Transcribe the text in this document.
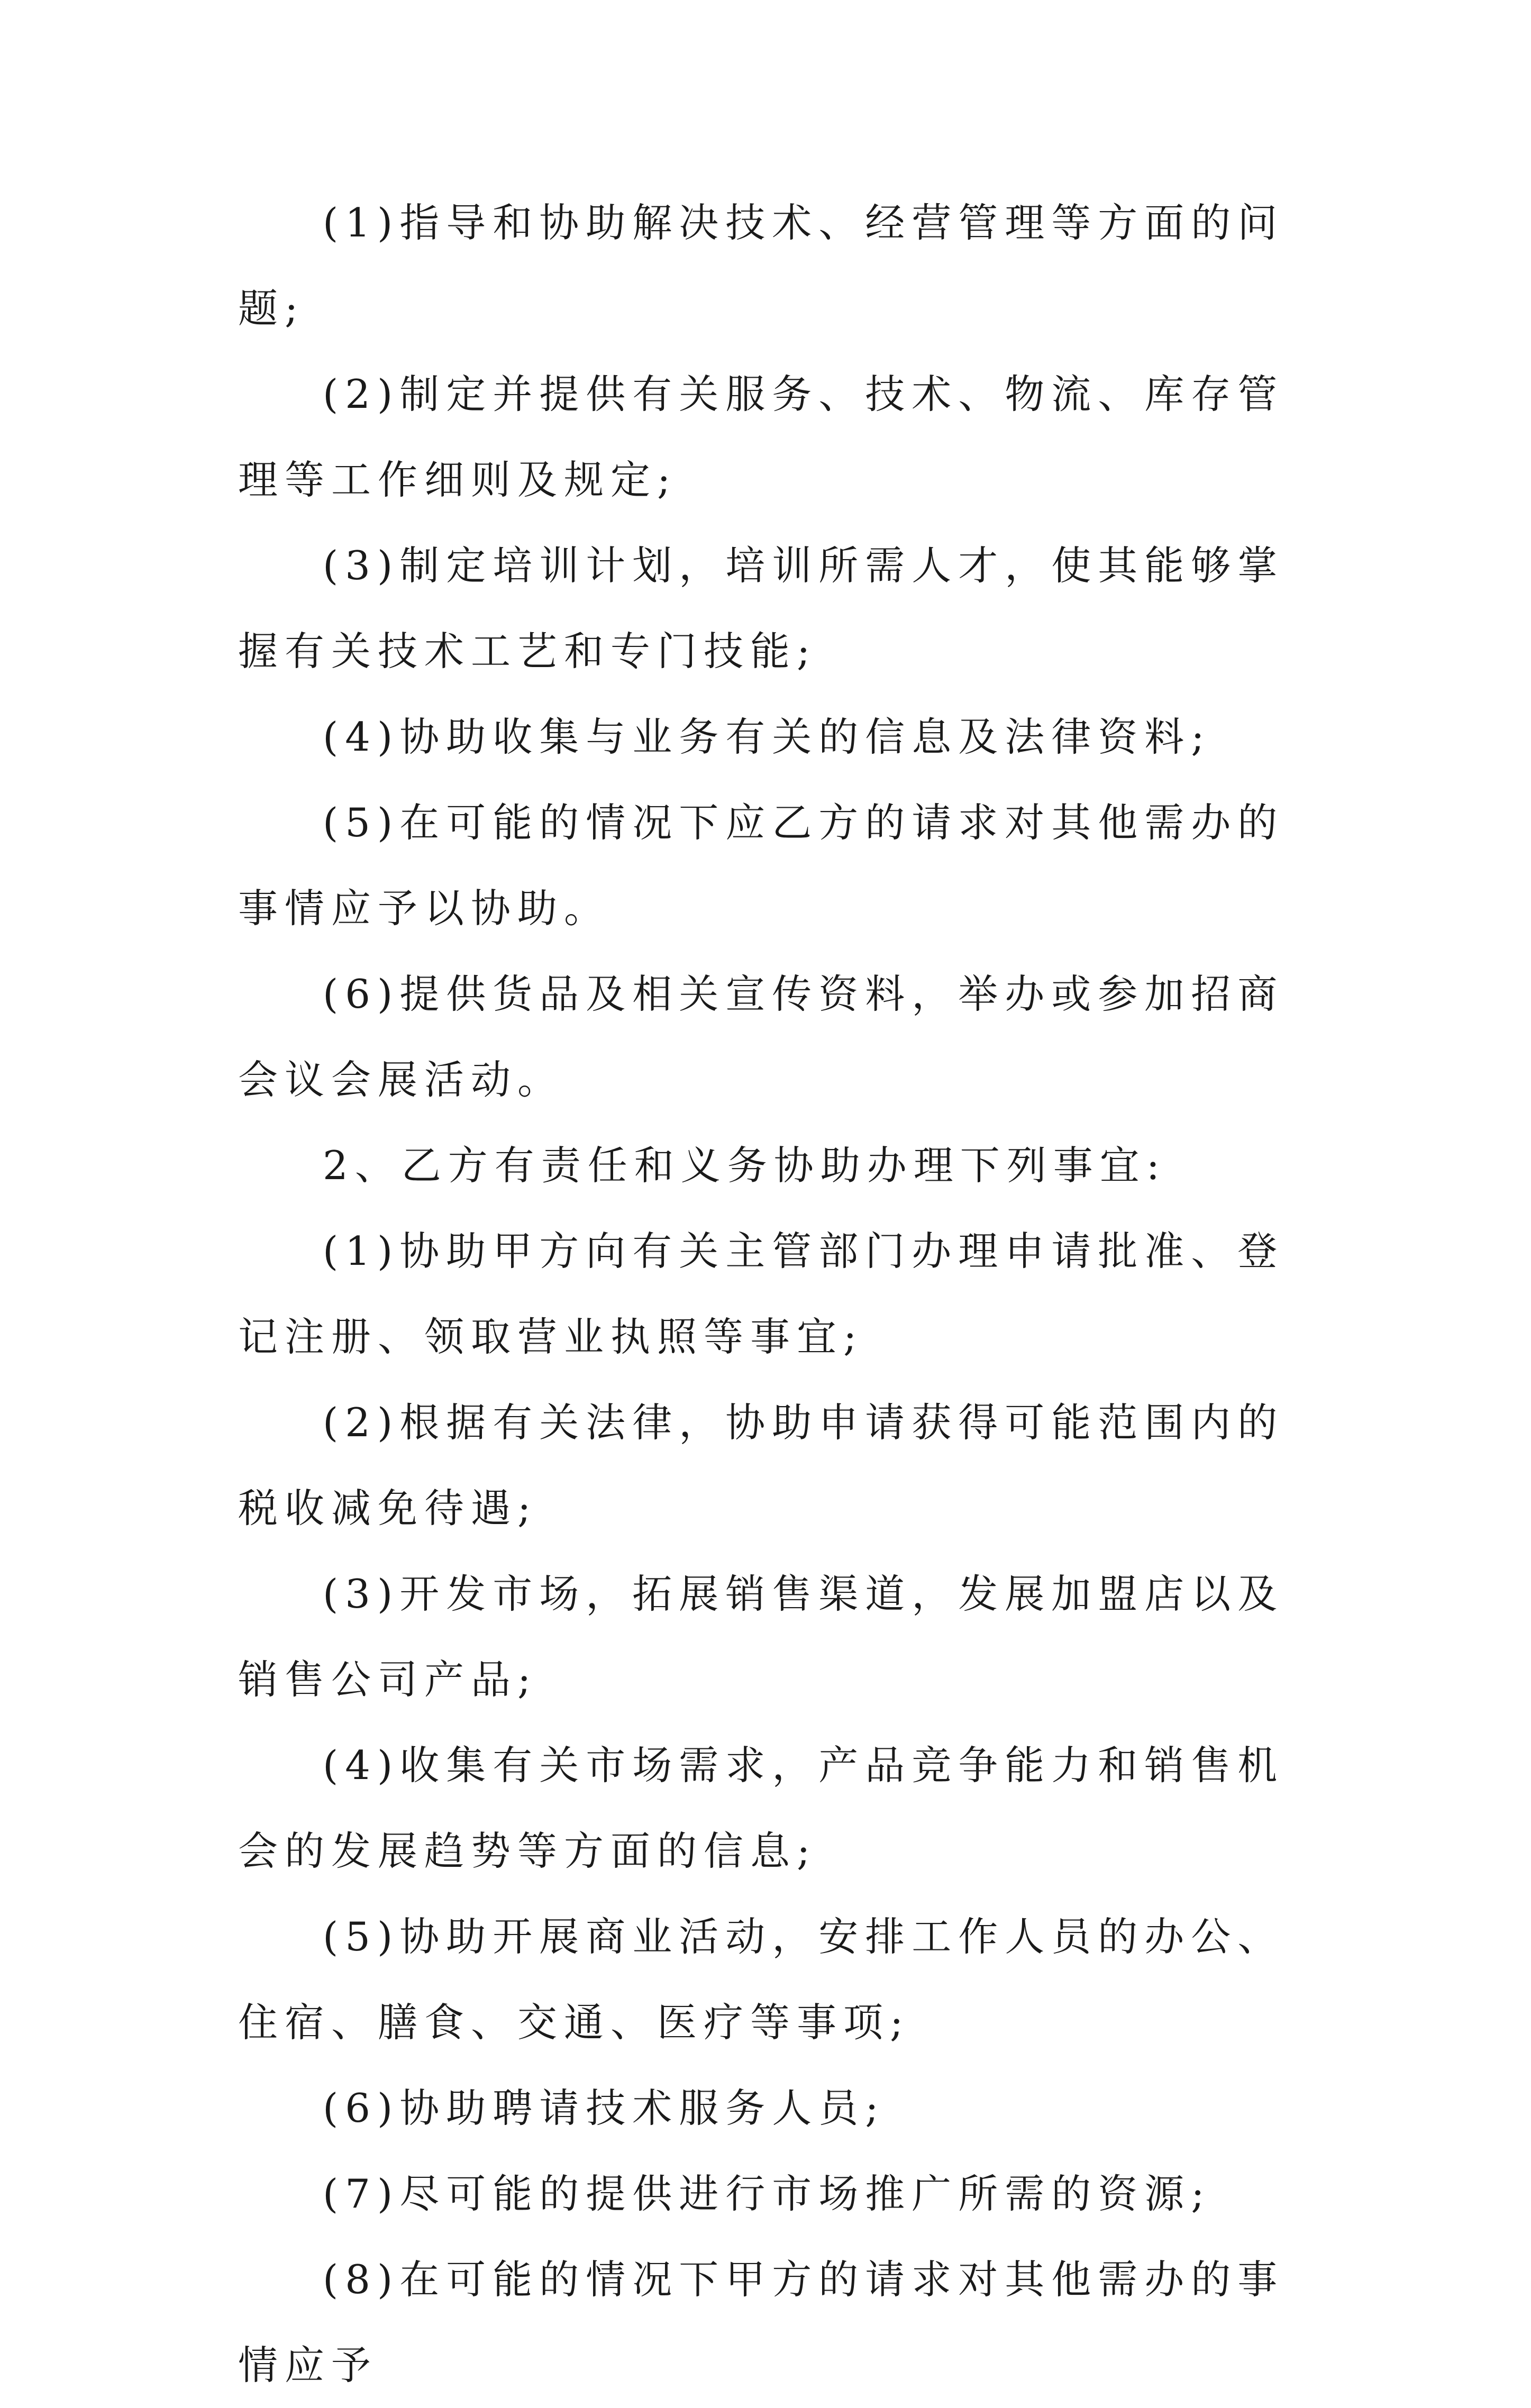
(1)指导和协助解决技术、经营管理等方面的问题;

(2)制定并提供有关服务、技术、物流、库存管理等工作细则及规定;

(3)制定培训计划，培训所需人才，使其能够掌握有关技术工艺和专门技能;

(4)协助收集与业务有关的信息及法律资料;

(5)在可能的情况下应乙方的请求对其他需办的事情应予以协助。

(6)提供货品及相关宣传资料，举办或参加招商会议会展活动。

2、乙方有责任和义务协助办理下列事宜:

(1)协助甲方向有关主管部门办理申请批准、登记注册、领取营业执照等事宜;

(2)根据有关法律，协助申请获得可能范围内的税收减免待遇;

(3)开发市场，拓展销售渠道，发展加盟店以及销售公司产品;

(4)收集有关市场需求，产品竞争能力和销售机会的发展趋势等方面的信息;

(5)协助开展商业活动，安排工作人员的办公、住宿、膳食、交通、医疗等事项;

(6)协助聘请技术服务人员;

(7)尽可能的提供进行市场推广所需的资源;

(8)在可能的情况下甲方的请求对其他需办的事情应予
